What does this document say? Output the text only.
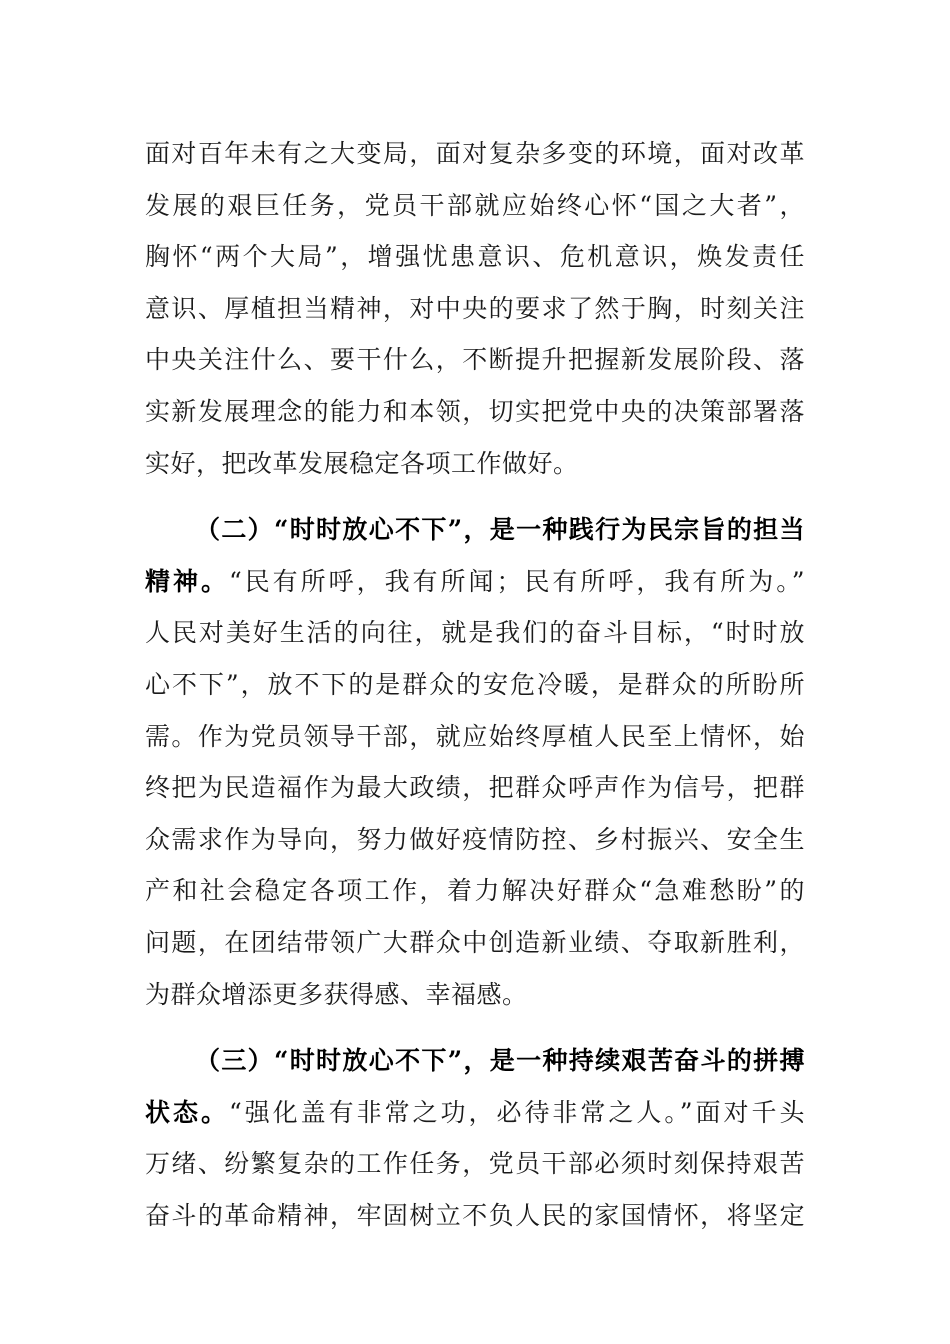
面对百年未有之大变局，面对复杂多变的环境，面对改革
发展的艰巨任务，党员干部就应始终心怀“国之大者”，
胸怀“两个大局”，增强忧患意识、危机意识，焕发责任
意识、厚植担当精神，对中央的要求了然于胸，时刻关注
中央关注什么、要干什么，不断提升把握新发展阶段、落
实新发展理念的能力和本领，切实把党中央的决策部署落
实好，把改革发展稳定各项工作做好。
（二）“时时放心不下”，是一种践行为民宗旨的担当
精神。“民有所呼，我有所闻；民有所呼，我有所为。”
人民对美好生活的向往，就是我们的奋斗目标，“时时放
心不下”，放不下的是群众的安危冷暖，是群众的所盼所
需。作为党员领导干部，就应始终厚植人民至上情怀，始
终把为民造福作为最大政绩，把群众呼声作为信号，把群
众需求作为导向，努力做好疫情防控、乡村振兴、安全生
产和社会稳定各项工作，着力解决好群众“急难愁盼”的
问题，在团结带领广大群众中创造新业绩、夺取新胜利，
为群众增添更多获得感、幸福感。
（三）“时时放心不下”，是一种持续艰苦奋斗的拼搏
状态。“强化盖有非常之功，必待非常之人。”面对千头
万绪、纷繁复杂的工作任务，党员干部必须时刻保持艰苦
奋斗的革命精神，牢固树立不负人民的家国情怀，将坚定
